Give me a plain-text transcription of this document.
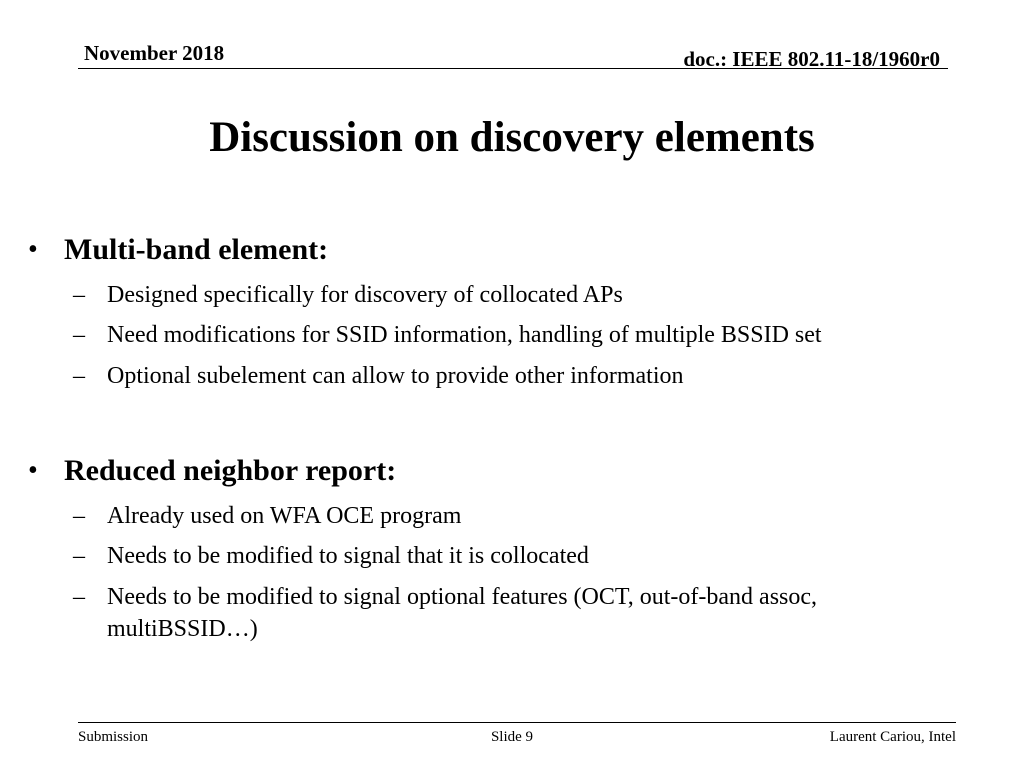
November 2018	doc.: IEEE 802.11-18/1960r0
Discussion on discovery elements
• Multi-band element:
– Designed specifically for discovery of collocated APs
– Need modifications for SSID information, handling of multiple BSSID set
– Optional subelement can allow to provide other information
• Reduced neighbor report:
– Already used on WFA OCE program
– Needs to be modified to signal that it is collocated
– Needs to be modified to signal optional features (OCT, out-of-band assoc, multiBSSID…)
Submission	Slide 9	Laurent Cariou, Intel
